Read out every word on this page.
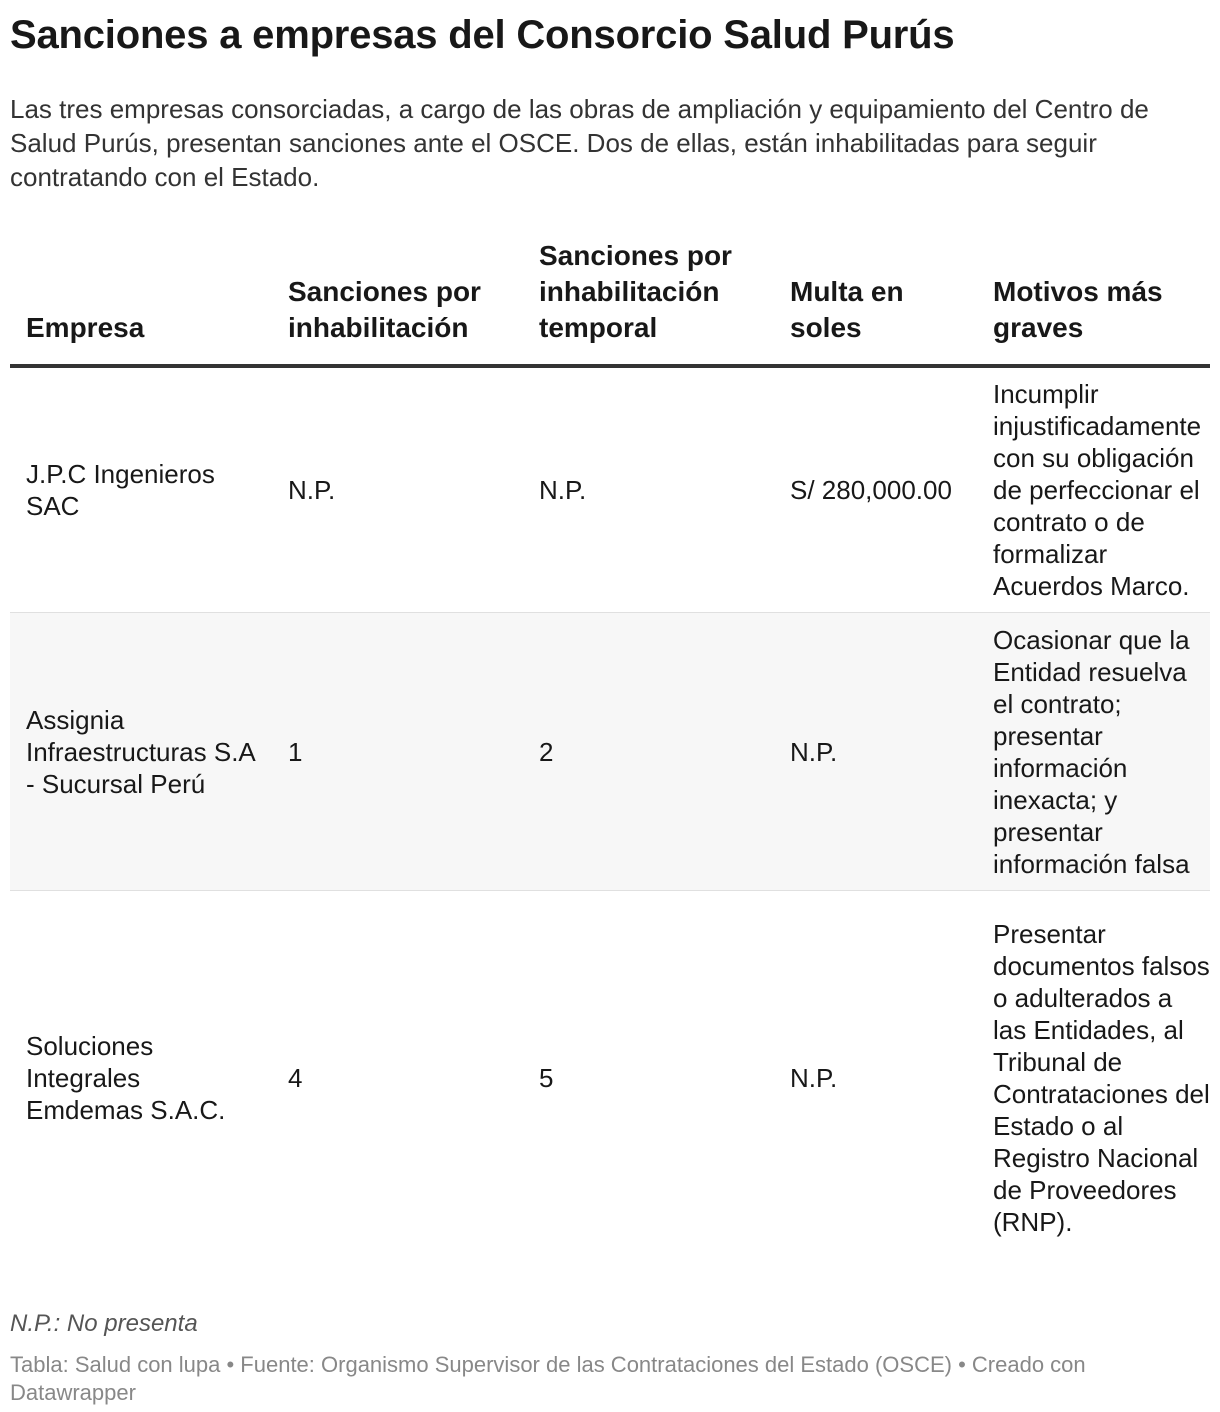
Sanciones a empresas del Consorcio Salud Purús

Las tres empresas consorciadas, a cargo de las obras de ampliación y equipamiento del Centro de Salud Purús, presentan sanciones ante el OSCE. Dos de ellas, están inhabilitadas para seguir contratando con el Estado.

Empresa	Sanciones por inhabilitación	Sanciones por inhabilitación temporal	Multa en soles	Motivos más graves
J.P.C Ingenieros SAC	N.P.	N.P.	S/ 280,000.00	Incumplir injustificadamente con su obligación de perfeccionar el contrato o de formalizar Acuerdos Marco.
Assignia Infraestructuras S.A - Sucursal Perú	1	2	N.P.	Ocasionar que la Entidad resuelva el contrato; presentar información inexacta; y presentar información falsa
Soluciones Integrales Emdemas S.A.C.	4	5	N.P.	Presentar documentos falsos o adulterados a las Entidades, al Tribunal de Contrataciones del Estado o al Registro Nacional de Proveedores (RNP).

N.P.: No presenta

Tabla: Salud con lupa • Fuente: Organismo Supervisor de las Contrataciones del Estado (OSCE) • Creado con Datawrapper
